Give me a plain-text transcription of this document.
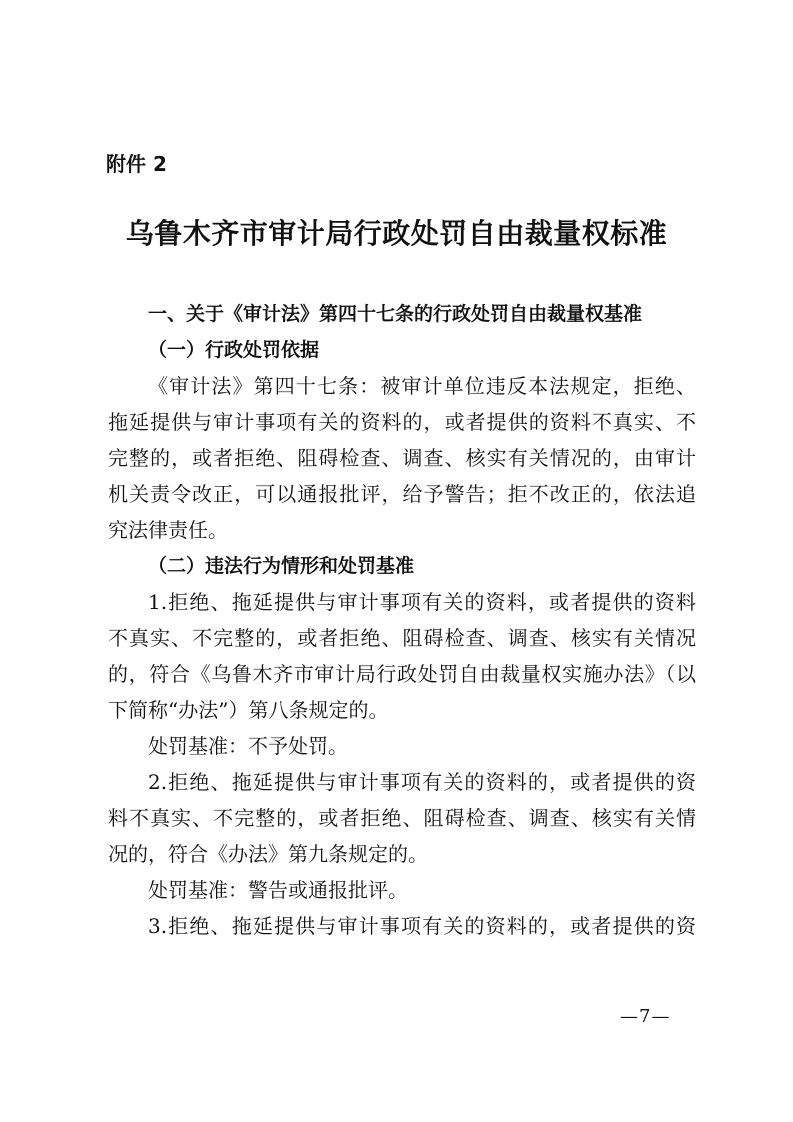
附件 2

乌鲁木齐市审计局行政处罚自由裁量权标准

一、关于《审计法》第四十七条的行政处罚自由裁量权基准

（一）行政处罚依据

《审计法》第四十七条：被审计单位违反本法规定，拒绝、

拖延提供与审计事项有关的资料的，或者提供的资料不真实、不

完整的，或者拒绝、阻碍检查、调查、核实有关情况的，由审计

机关责令改正，可以通报批评，给予警告；拒不改正的，依法追

究法律责任。

（二）违法行为情形和处罚基准

1.拒绝、拖延提供与审计事项有关的资料，或者提供的资料

不真实、不完整的，或者拒绝、阻碍检查、调查、核实有关情况

的，符合《乌鲁木齐市审计局行政处罚自由裁量权实施办法》（以

下简称“办法”）第八条规定的。

处罚基准：不予处罚。

2.拒绝、拖延提供与审计事项有关的资料的，或者提供的资

料不真实、不完整的，或者拒绝、阻碍检查、调查、核实有关情

况的，符合《办法》第九条规定的。

处罚基准：警告或通报批评。

3.拒绝、拖延提供与审计事项有关的资料的，或者提供的资

—7—
